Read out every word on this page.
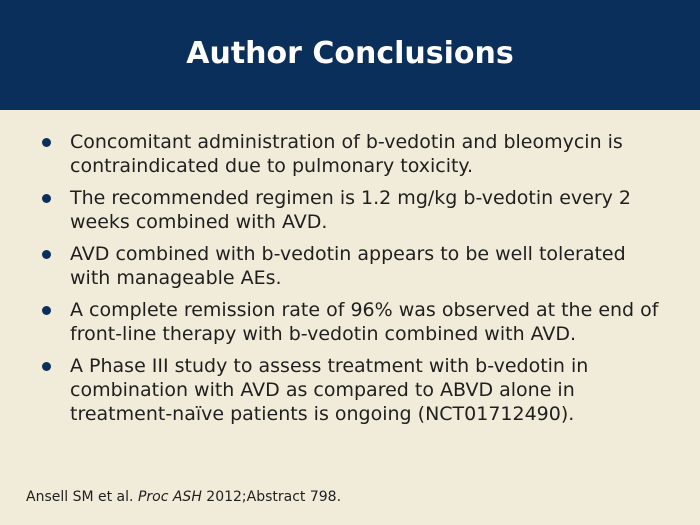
Author Conclusions
Concomitant administration of b-vedotin and bleomycin is contraindicated due to pulmonary toxicity.
The recommended regimen is 1.2 mg/kg b-vedotin every 2 weeks combined with AVD.
AVD combined with b-vedotin appears to be well tolerated with manageable AEs.
A complete remission rate of 96% was observed at the end of front-line therapy with b-vedotin combined with AVD.
A Phase III study to assess treatment with b-vedotin in combination with AVD as compared to ABVD alone in treatment-naïve patients is ongoing (NCT01712490).
Ansell SM et al. Proc ASH 2012;Abstract 798.
